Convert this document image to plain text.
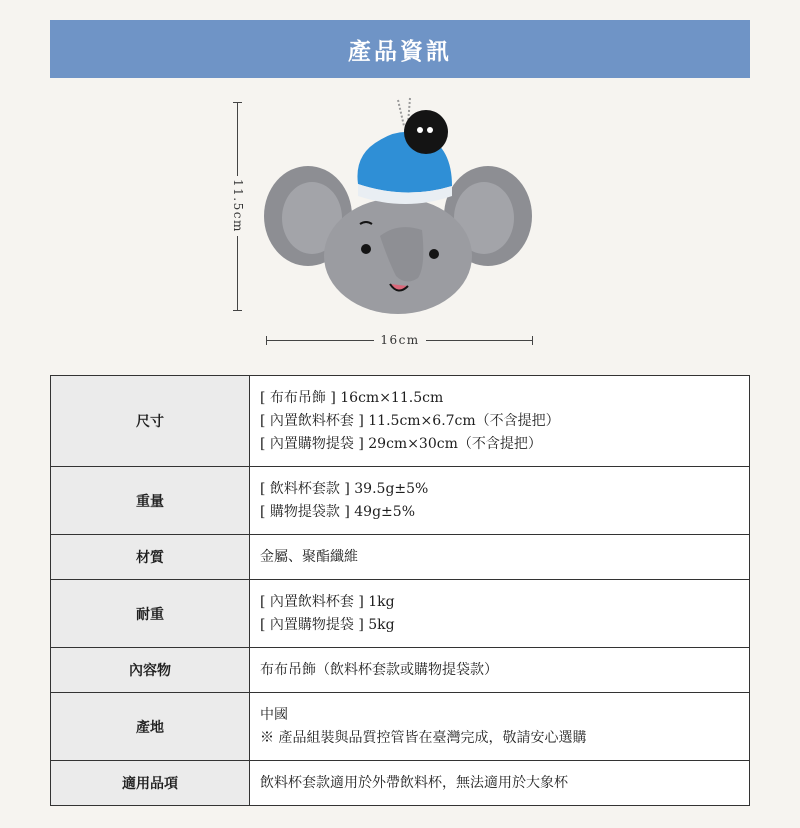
產品資訊
11.5cm
16cm
尺寸	[ 布布吊飾 ] 16cm×11.5cm
[ 內置飲料杯套 ] 11.5cm×6.7cm（不含提把）
[ 內置購物提袋 ] 29cm×30cm（不含提把）

重量	[ 飲料杯套款 ] 39.5g±5%
[ 購物提袋款 ] 49g±5%

材質	金屬、聚酯纖維

耐重	[ 內置飲料杯套 ] 1kg
[ 內置購物提袋 ] 5kg

內容物	布布吊飾（飲料杯套款或購物提袋款）

產地	中國
※ 產品組裝與品質控管皆在臺灣完成，敬請安心選購

適用品項	飲料杯套款適用於外帶飲料杯，無法適用於大象杯
